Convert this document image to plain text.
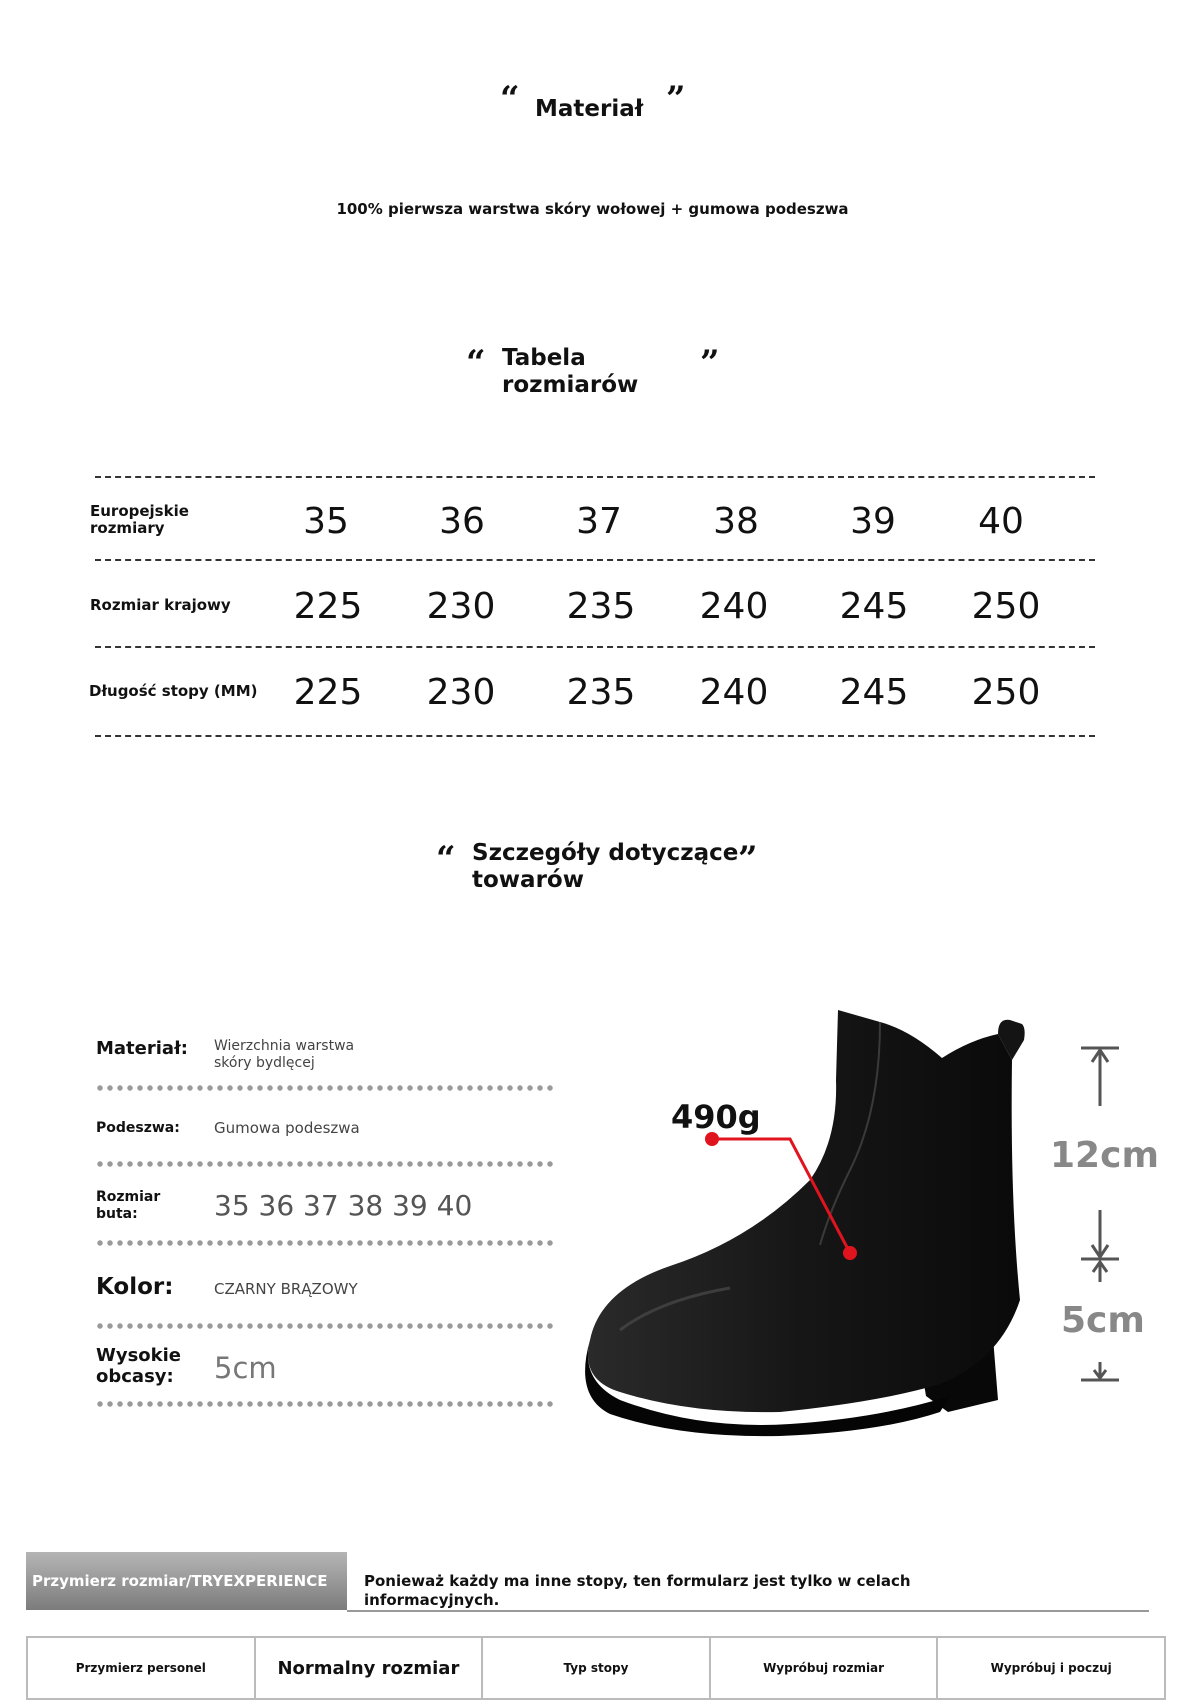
“ Materiał ”
100% pierwsza warstwa skóry wołowej + gumowa podeszwa
“ Tabela
rozmiarów
”
Europejskie
rozmiary	35	36	37	38	39	40
Rozmiar krajowy	225	230	235	240	245	250
Długość stopy (MM)	225	230	235	240	245	250
“ Szczegóły dotyczące
towarów
”
Materiał: Wierzchnia warstwa
skóry bydlęcej
Podeszwa: Gumowa podeszwa
Rozmiar
buta:	35 36 37 38 39 40
Kolor:	CZARNY BRĄZOWY
Wysokie
obcasy: 5cm
490g
12cm
5cm
Przymierz rozmiar/TRYEXPERIENCE	Ponieważ każdy ma inne stopy, ten formularz jest tylko w celach informacyjnych.
Przymierz personel	Normalny rozmiar	Typ stopy	Wypróbuj rozmiar	Wypróbuj i poczuj
